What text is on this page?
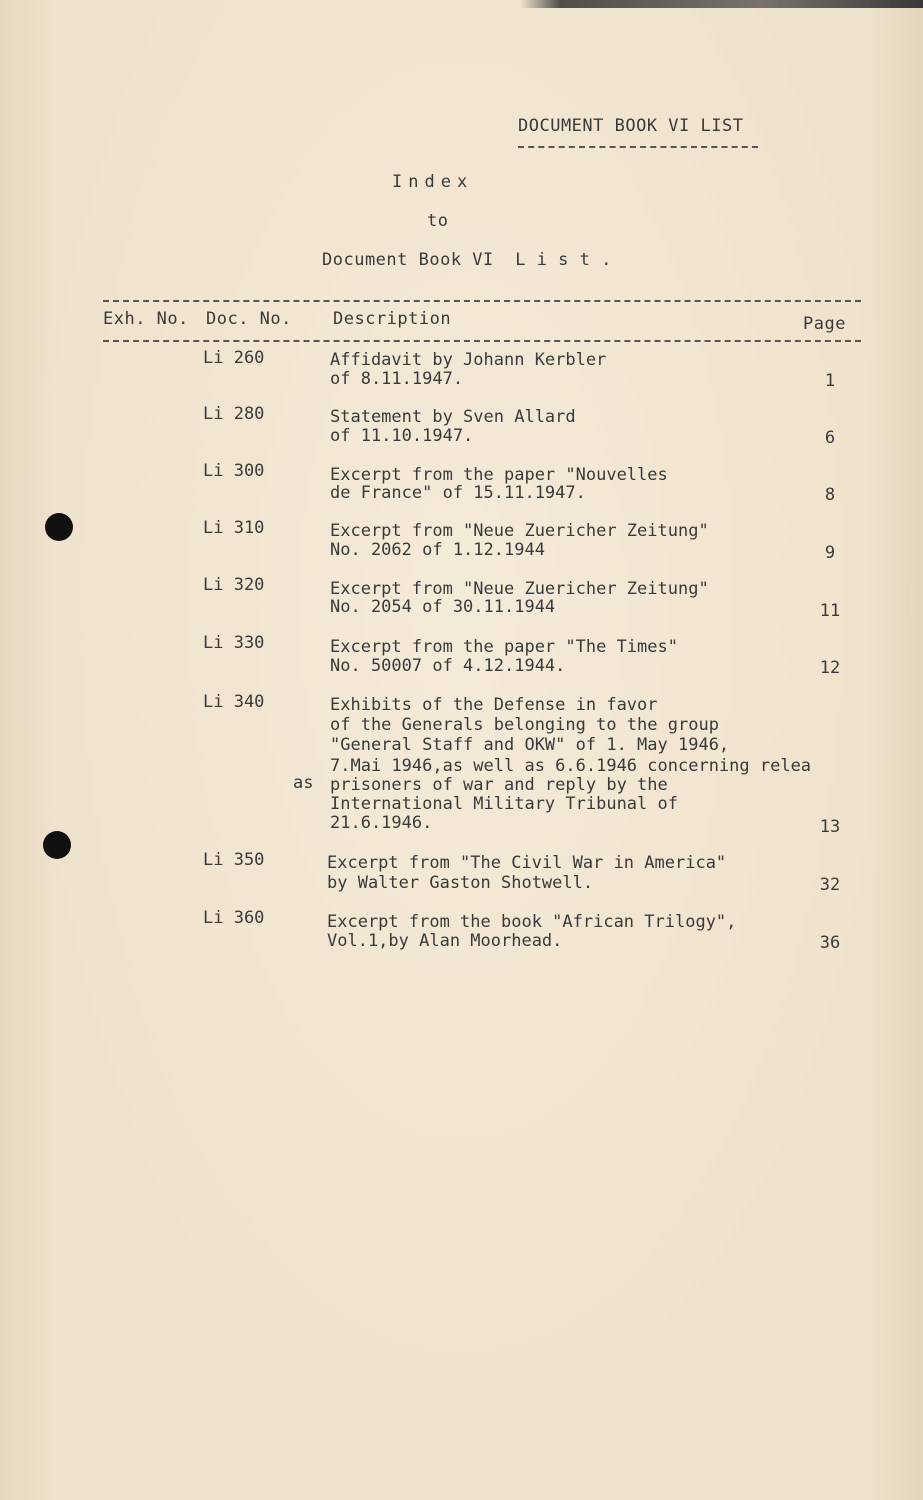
DOCUMENT BOOK VI LIST
Index
to
Document Book VI  L i s t .
Exh. No. Doc. No. Description	Page
Li 260	Affidavit by Johann Kerbler
of 8.11.1947.	1
Li 280	Statement by Sven Allard
of 11.10.1947.	6
Li 300	Excerpt from the paper "Nouvelles
de France" of 15.11.1947.	8
Li 310	Excerpt from "Neue Zuericher Zeitung"
No. 2062 of 1.12.1944	9
Li 320	Excerpt from "Neue Zuericher Zeitung"
No. 2054 of 30.11.1944	11
Li 330	Excerpt from the paper "The Times"
No. 50007 of 4.12.1944.	12
Li 340	Exhibits of the Defense in favor
of the Generals belonging to the group
"General Staff and OKW" of 1. May 1946,
7.Mai 1946,as well as 6.6.1946 concerning relea
as prisoners of war and reply by the
International Military Tribunal of
21.6.1946.	13
Li 350	Excerpt from "The Civil War in America"
by Walter Gaston Shotwell.	32
Li 360	Excerpt from the book "African Trilogy",
Vol.1,by Alan Moorhead.	36
